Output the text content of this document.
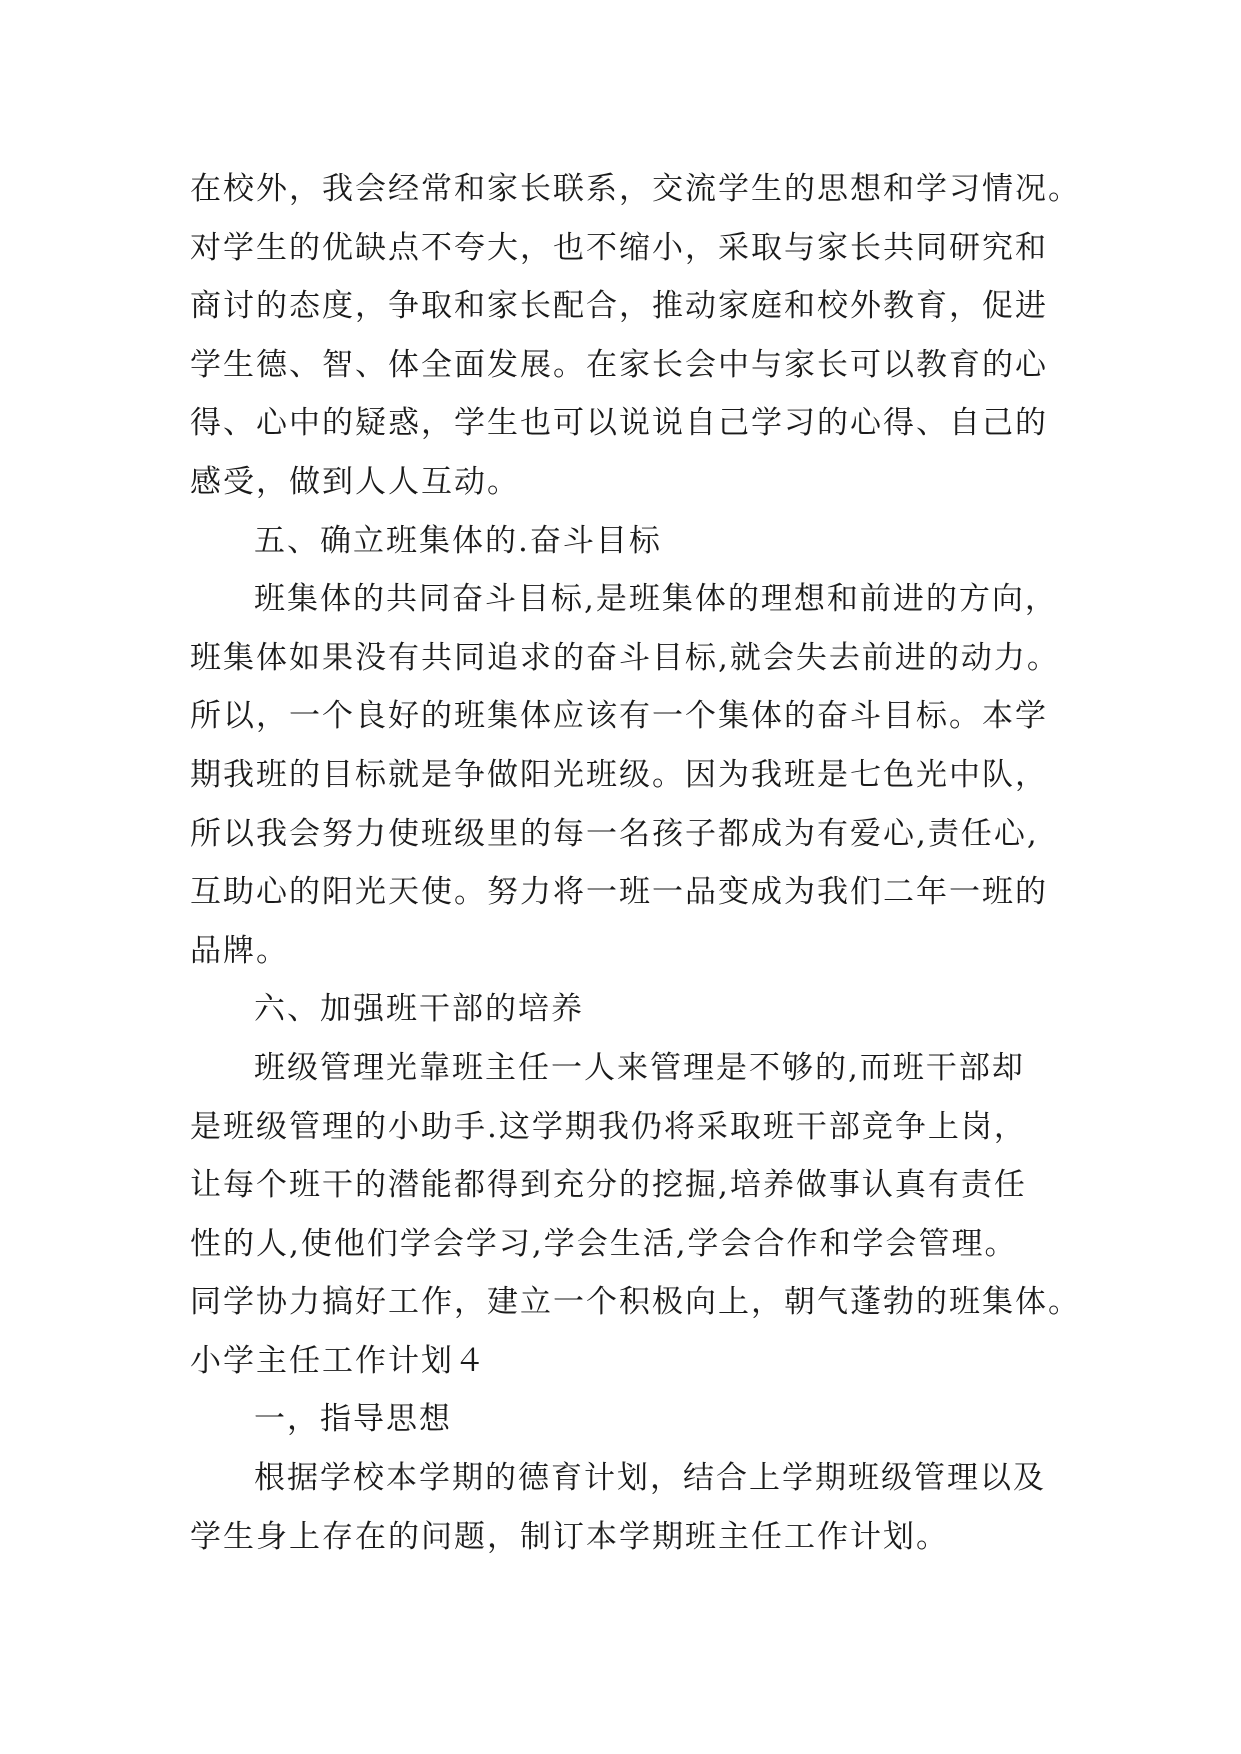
在校外，我会经常和家长联系，交流学生的思想和学习情况。
对学生的优缺点不夸大，也不缩小，采取与家长共同研究和
商讨的态度，争取和家长配合，推动家庭和校外教育，促进
学生德、智、体全面发展。在家长会中与家长可以教育的心
得、心中的疑惑，学生也可以说说自己学习的心得、自己的
感受，做到人人互动。
五、确立班集体的.奋斗目标
班集体的共同奋斗目标,是班集体的理想和前进的方向，
班集体如果没有共同追求的奋斗目标,就会失去前进的动力。
所以，一个良好的班集体应该有一个集体的奋斗目标。本学
期我班的目标就是争做阳光班级。因为我班是七色光中队，
所以我会努力使班级里的每一名孩子都成为有爱心,责任心,
互助心的阳光天使。努力将一班一品变成为我们二年一班的
品牌。
六、加强班干部的培养
班级管理光靠班主任一人来管理是不够的,而班干部却
是班级管理的小助手.这学期我仍将采取班干部竞争上岗，
让每个班干的潜能都得到充分的挖掘,培养做事认真有责任
性的人,使他们学会学习,学会生活,学会合作和学会管理。
同学协力搞好工作，建立一个积极向上，朝气蓬勃的班集体。
小学主任工作计划４
一，指导思想
根据学校本学期的德育计划，结合上学期班级管理以及
学生身上存在的问题，制订本学期班主任工作计划。
